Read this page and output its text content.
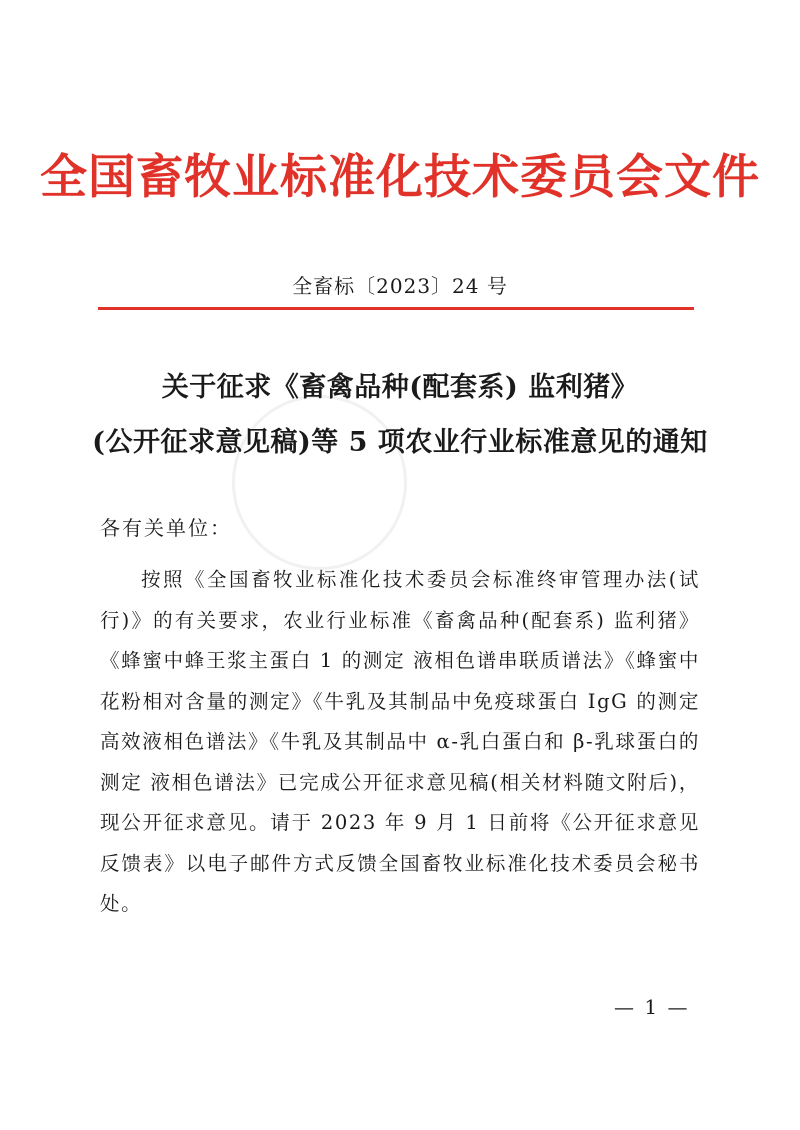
全国畜牧业标准化技术委员会文件
全畜标〔2023〕24 号
关于征求《畜禽品种(配套系) 监利猪》
(公开征求意见稿)等 5 项农业行业标准意见的通知
各有关单位：

按照《全国畜牧业标准化技术委员会标准终审管理办法(试行)》的有关要求，农业行业标准《畜禽品种(配套系) 监利猪》《蜂蜜中蜂王浆主蛋白 1 的测定 液相色谱串联质谱法》《蜂蜜中花粉相对含量的测定》《牛乳及其制品中免疫球蛋白 IgG 的测定 高效液相色谱法》《牛乳及其制品中 α-乳白蛋白和 β-乳球蛋白的测定 液相色谱法》已完成公开征求意见稿(相关材料随文附后)，现公开征求意见。请于 2023 年 9 月 1 日前将《公开征求意见反馈表》以电子邮件方式反馈全国畜牧业标准化技术委员会秘书处。

— 1 —
